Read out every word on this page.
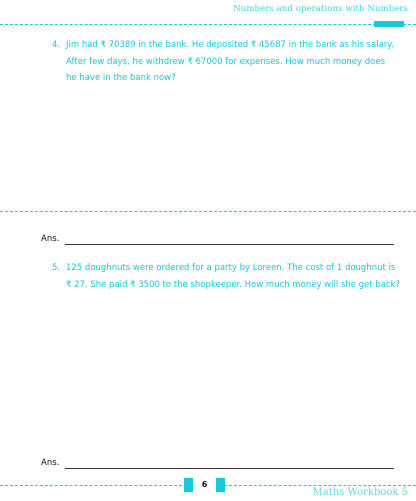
Numbers and operations with Numbers
4. Jim had ₹ 70389 in the bank. He deposited ₹ 45687 in the bank as his salary. After few days, he withdrew ₹ 67000 for expenses. How much money does he have in the bank now?
Ans.
5. 125 doughnuts were ordered for a party by Loreen. The cost of 1 doughnut is ₹ 27. She paid ₹ 3500 to the shopkeeper. How much money will she get back?
Ans.
6
Maths Workbook 5
